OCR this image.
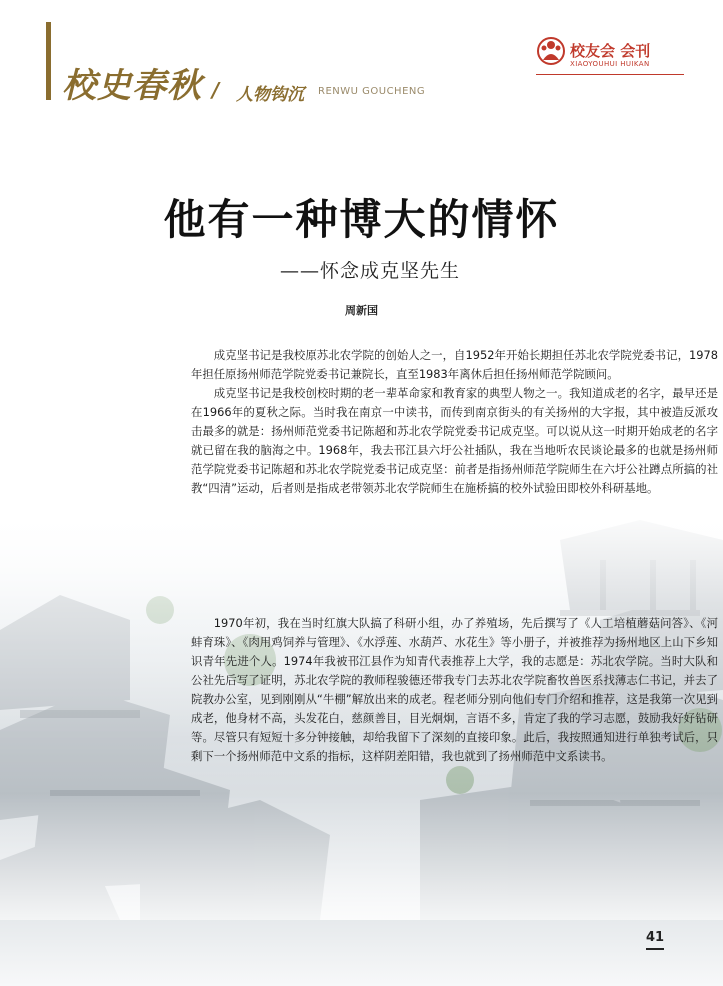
校史春秋 / 人物钩沉 RENWU GOUCHENG
校友会 会刊
XIAOYOUHUI HUIKAN
他有一种博大的情怀
——怀念成克坚先生
周新国

成克坚书记是我校原苏北农学院的创始人之一，自1952年开始长期担任苏北农学院党委书记，1978年担任原扬州师范学院党委书记兼院长，直至1983年离休后担任扬州师范学院顾问。

成克坚书记是我校创校时期的老一辈革命家和教育家的典型人物之一。我知道成老的名字，最早还是在1966年的夏秋之际。当时我在南京一中读书，而传到南京街头的有关扬州的大字报，其中被造反派攻击最多的就是：扬州师范党委书记陈超和苏北农学院党委书记成克坚。可以说从这一时期开始成老的名字就已留在我的脑海之中。1968年，我去邗江县六圩公社插队，我在当地听农民谈论最多的也就是扬州师范学院党委书记陈超和苏北农学院党委书记成克坚：前者是指扬州师范学院师生在六圩公社蹲点所搞的社教“四清”运动，后者则是指成老带领苏北农学院师生在施桥搞的校外试验田即校外科研基地。

1970年初，我在当时红旗大队搞了科研小组，办了养殖场，先后撰写了《人工培植蘑菇问答》、《河蚌育珠》、《肉用鸡饲养与管理》、《水浮莲、水葫芦、水花生》等小册子，并被推荐为扬州地区上山下乡知识青年先进个人。1974年我被邗江县作为知青代表推荐上大学，我的志愿是：苏北农学院。当时大队和公社先后写了证明，苏北农学院的教师程骏德还带我专门去苏北农学院畜牧兽医系找薄志仁书记，并去了院教办公室，见到刚刚从“牛棚”解放出来的成老。程老师分别向他们专门介绍和推荐，这是我第一次见到成老，他身材不高，头发花白，慈颜善目，目光炯炯，言语不多，肯定了我的学习志愿，鼓励我好好钻研等。尽管只有短短十多分钟接触，却给我留下了深刻的直接印象。此后，我按照通知进行单独考试后，只剩下一个扬州师范中文系的指标，这样阴差阳错，我也就到了扬州师范中文系读书。

41
